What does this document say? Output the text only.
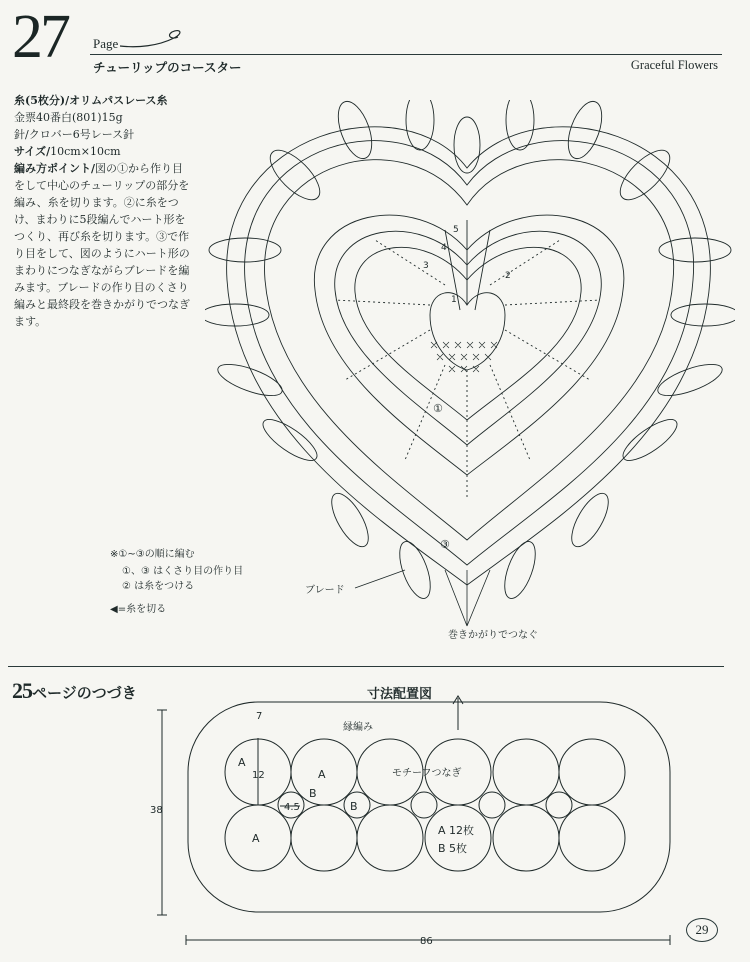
27 Page
チューリップのコースター	Graceful Flowers

糸(5枚分)/オリムパスレース糸

金票40番白(801)15g

針/クロバー6号レース針

サイズ/10cm×10cm

編み方ポイント/図の①から作り目をして中心のチューリップの部分を編み、糸を切ります。②に糸をつけ、まわりに5段編んでハート形をつくり、再び糸を切ります。③で作り目をして、図のようにハート形のまわりにつなぎながらブレードを編みます。ブレードの作り目のくさり編みと最終段を巻きかがりでつなぎます。

①
③
1
2
3
4
5
ブレード
巻きかがりでつなぐ
※①~③の順に編む
①、③ はくさり目の作り目
② は糸をつける
◀=糸を切る
25ページのつづき	寸法配置図
7
縁編み
A
12	A
B
4.5	B
モチーフつなぎ
A
A 12枚
B 5枚
38
86
29
